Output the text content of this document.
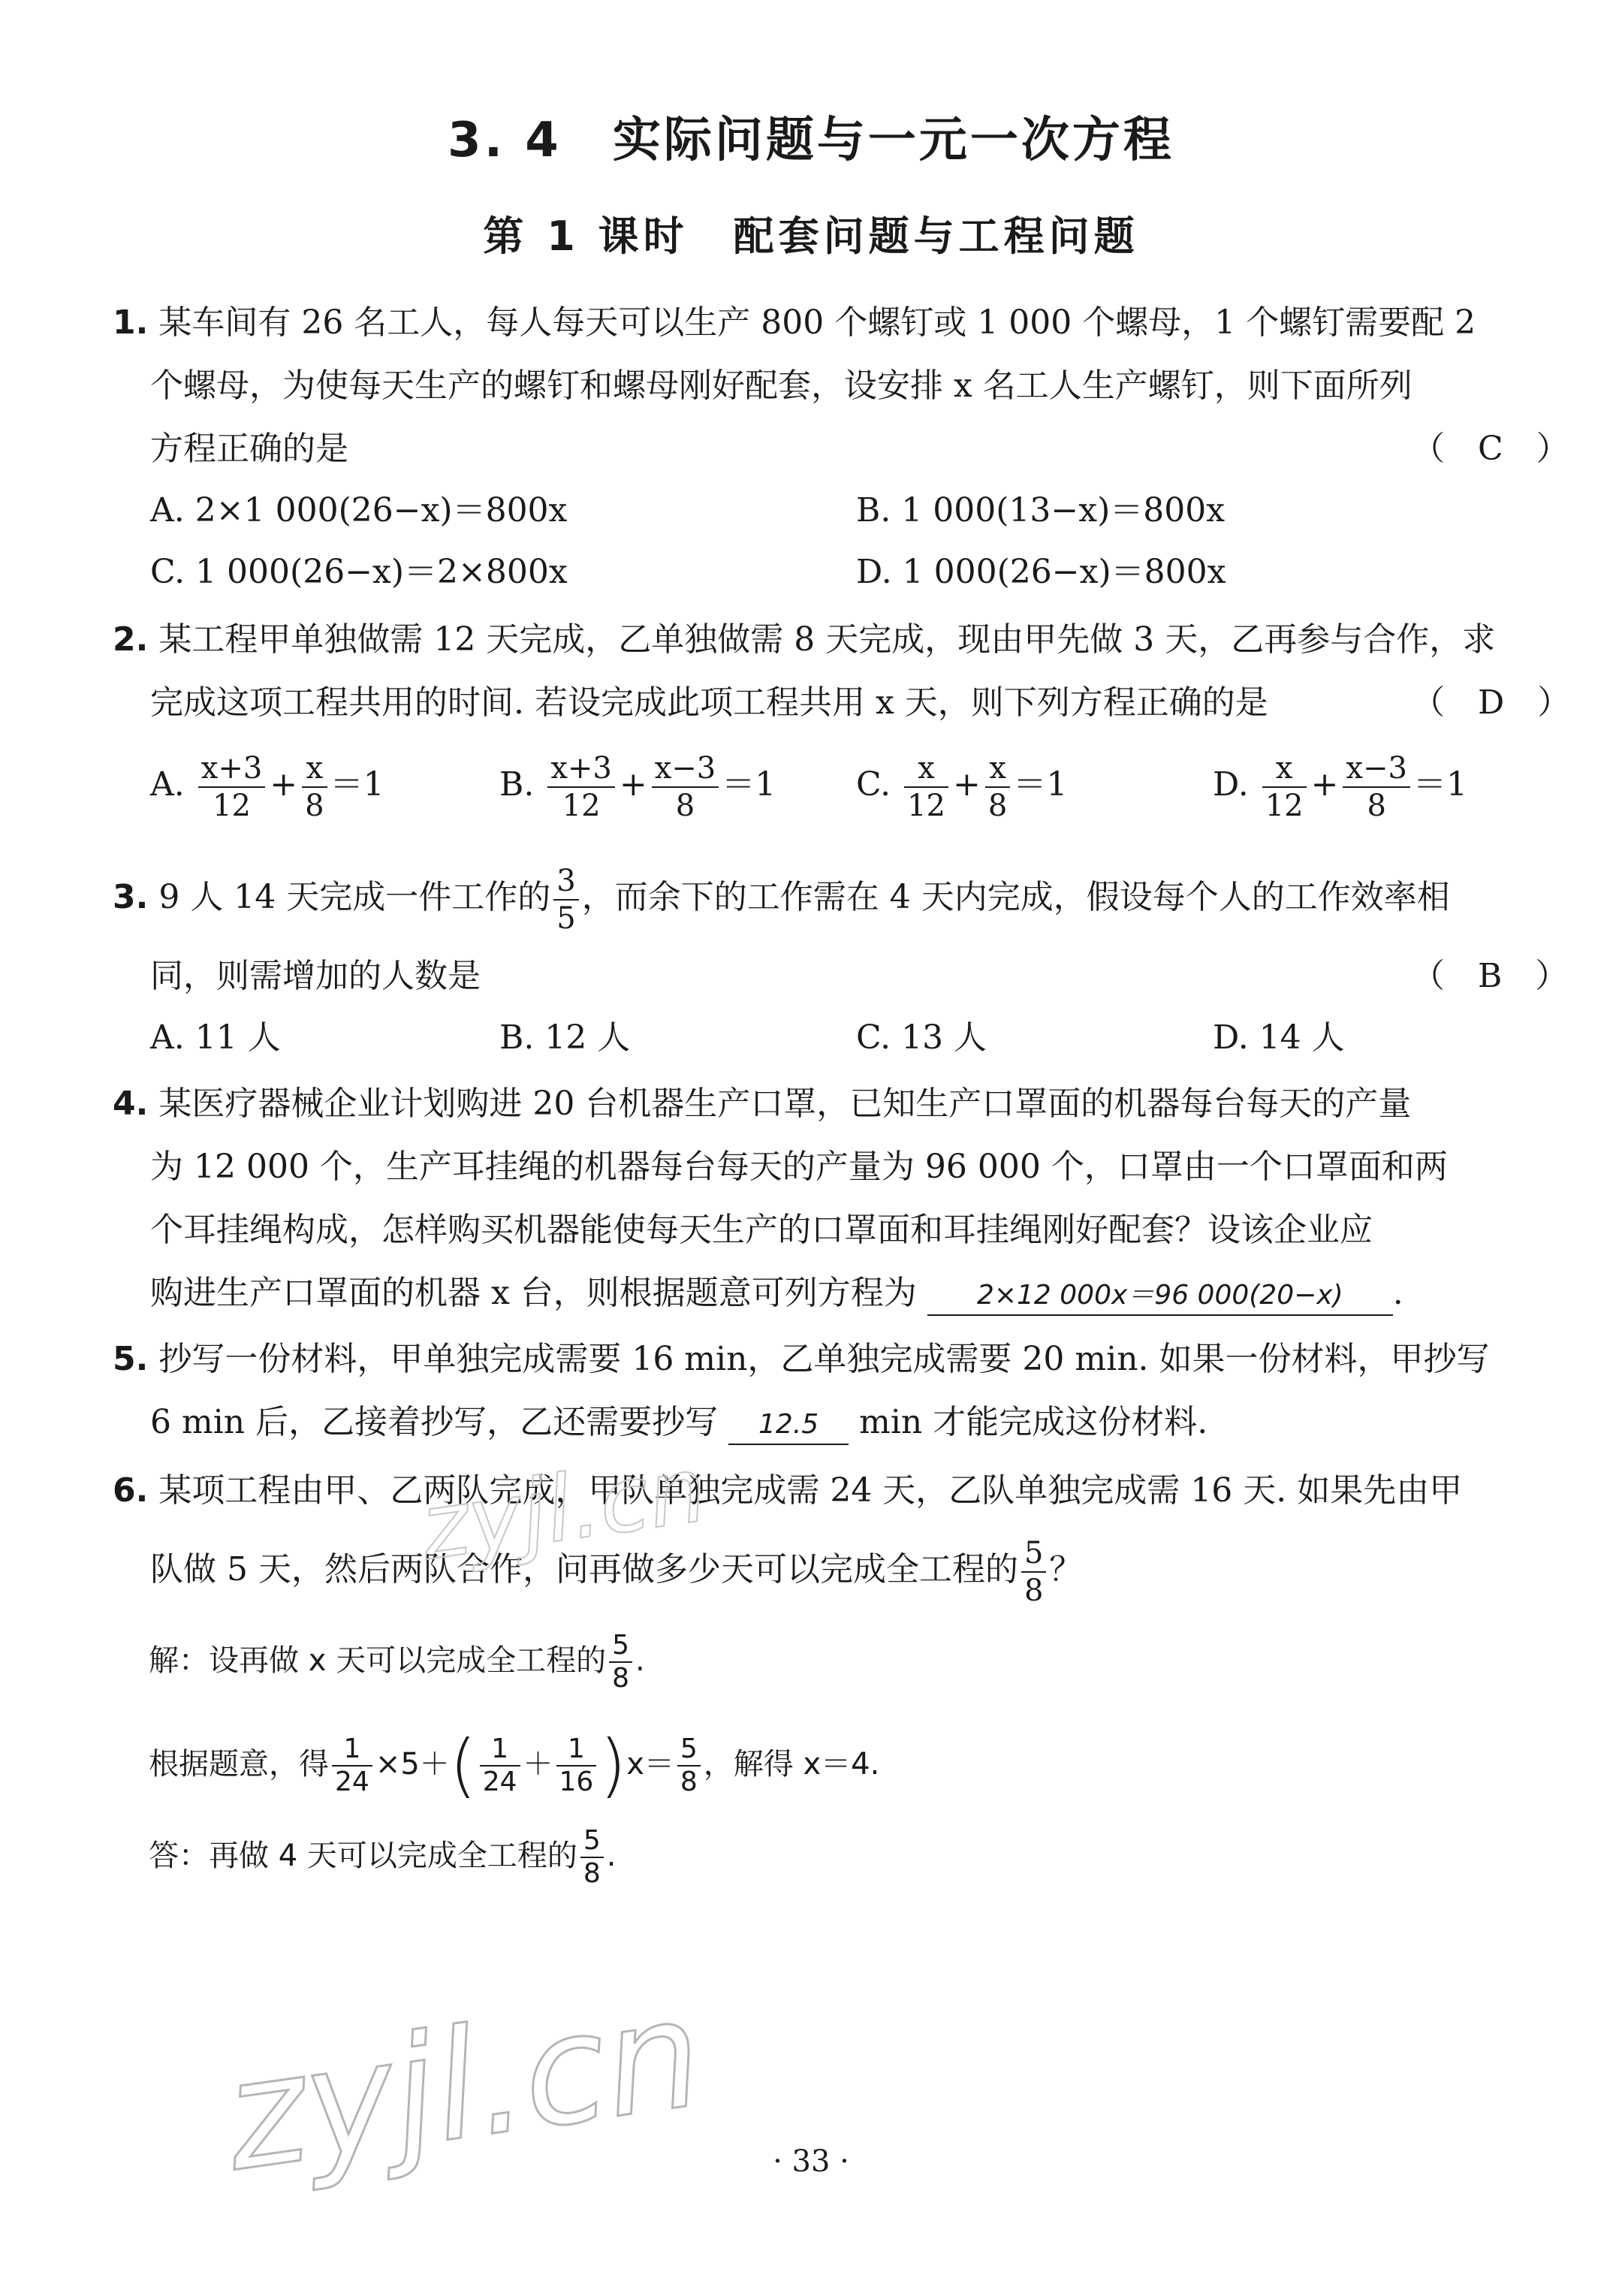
3. 4　实际问题与一元一次方程
第 1 课时　配套问题与工程问题
1. 某车间有 26 名工人，每人每天可以生产 800 个螺钉或 1 000 个螺母，1 个螺钉需要配 2
个螺母，为使每天生产的螺钉和螺母刚好配套，设安排 x 名工人生产螺钉，则下面所列
方程正确的是	（　C　）
A. 2×1 000(26−x)＝800x	B. 1 000(13−x)＝800x
C. 1 000(26−x)＝2×800x	D. 1 000(26−x)＝800x
2. 某工程甲单独做需 12 天完成，乙单独做需 8 天完成，现由甲先做 3 天，乙再参与合作，求
完成这项工程共用的时间. 若设完成此项工程共用 x 天，则下列方程正确的是	（　D　）
A. $\frac{x+3}{12} + \frac{x}{8} =1$	B. $\frac{x+3}{12} + \frac{x-3}{8} =1$ C. $\frac{x}{12} + \frac{x}{8} =1$	D. $\frac{x}{12} + \frac{x-3}{8} =1$
3. 9 人 14 天完成一件工作的 $\frac{3}{5}$ ，而余下的工作需在 4 天内完成，假设每个人的工作效率相
同，则需增加的人数是	（　B　）
A. 11 人	B. 12 人	C. 13 人	D. 14 人
4. 某医疗器械企业计划购进 20 台机器生产口罩，已知生产口罩面的机器每台每天的产量
为 12 000 个，生产耳挂绳的机器每台每天的产量为 96 000 个，口罩由一个口罩面和两
个耳挂绳构成，怎样购买机器能使每天生产的口罩面和耳挂绳刚好配套？设该企业应
购进生产口罩面的机器 x 台，则根据题意可列方程为 2×12 000x＝96 000(20−x) .
5. 抄写一份材料，甲单独完成需要 16 min，乙单独完成需要 20 min. 如果一份材料，甲抄写
6 min 后，乙接着抄写，乙还需要抄写 12.5 min 才能完成这份材料.
6. 某项工程由甲、乙两队完成，甲队单独完成需 24 天，乙队单独完成需 16 天. 如果先由甲
队做 5 天，然后两队合作，问再做多少天可以完成全工程的 $\frac{5}{8}$ ？
解：设再做 x 天可以完成全工程的 $\frac{5}{8}$ .
根据题意，得 $\frac{1}{24} \times 5+( \frac{1}{24} + \frac{1}{16} )x= \frac{5}{8}$ ，解得 x＝4.
答：再做 4 天可以完成全工程的 $\frac{5}{8}$ .
zyjl.cn
zyjl.cn	· 33 ·
